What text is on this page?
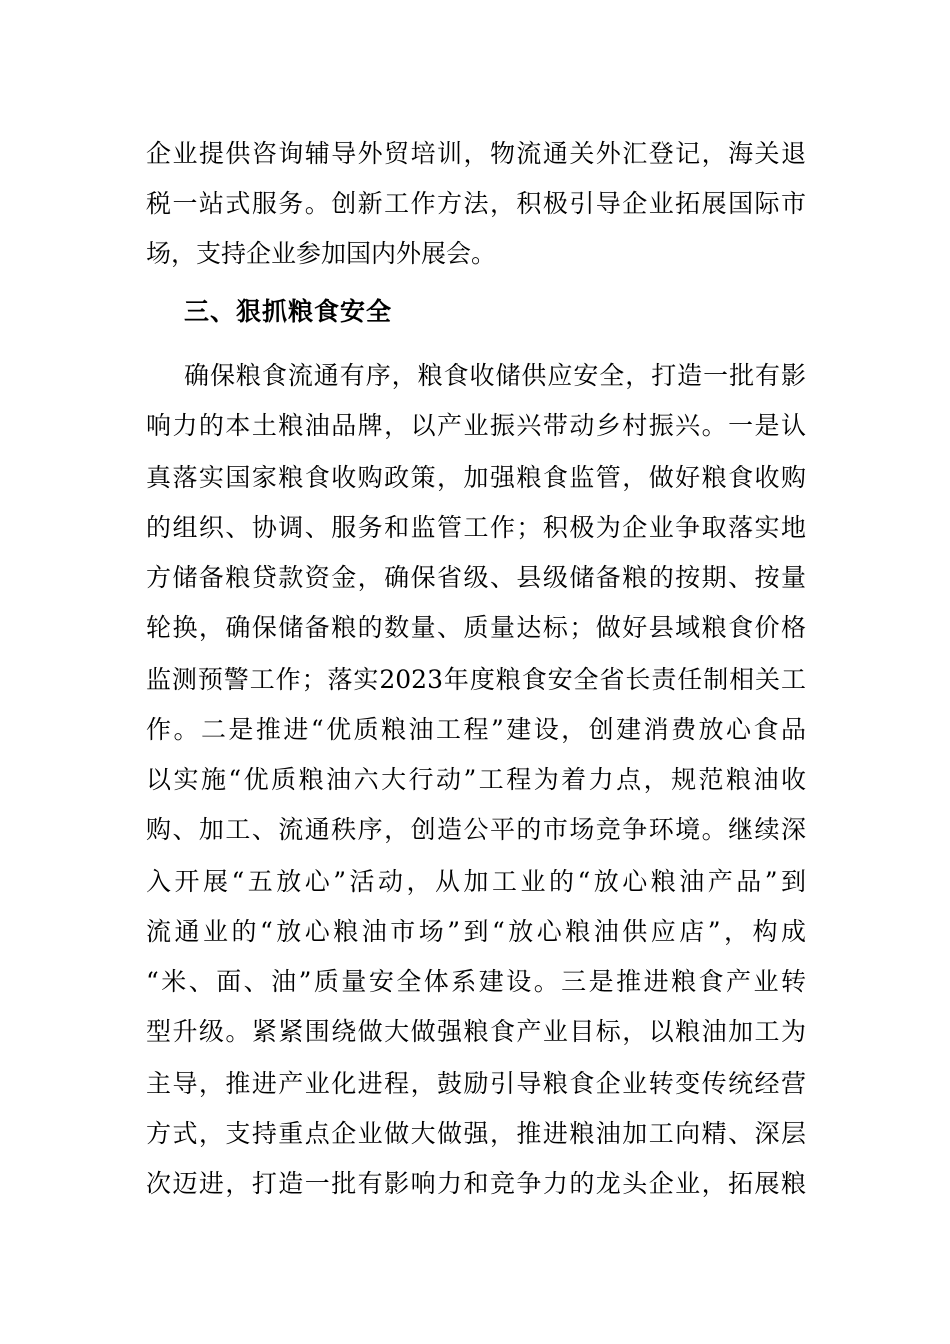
企业提供咨询辅导外贸培训，物流通关外汇登记，海关退
税一站式服务。创新工作方法，积极引导企业拓展国际市
场，支持企业参加国内外展会。
三、狠抓粮食安全
确保粮食流通有序，粮食收储供应安全，打造一批有影
响力的本土粮油品牌，以产业振兴带动乡村振兴。一是认
真落实国家粮食收购政策，加强粮食监管，做好粮食收购
的组织、协调、服务和监管工作；积极为企业争取落实地
方储备粮贷款资金，确保省级、县级储备粮的按期、按量
轮换，确保储备粮的数量、质量达标；做好县域粮食价格
监测预警工作；落实2023年度粮食安全省长责任制相关工
作。二是推进“优质粮油工程”建设，创建消费放心食品
以实施“优质粮油六大行动”工程为着力点，规范粮油收
购、加工、流通秩序，创造公平的市场竞争环境。继续深
入开展“五放心”活动，从加工业的“放心粮油产品”到
流通业的“放心粮油市场”到“放心粮油供应店”，构成
“米、面、油”质量安全体系建设。三是推进粮食产业转
型升级。紧紧围绕做大做强粮食产业目标，以粮油加工为
主导，推进产业化进程，鼓励引导粮食企业转变传统经营
方式，支持重点企业做大做强，推进粮油加工向精、深层
次迈进，打造一批有影响力和竞争力的龙头企业，拓展粮
